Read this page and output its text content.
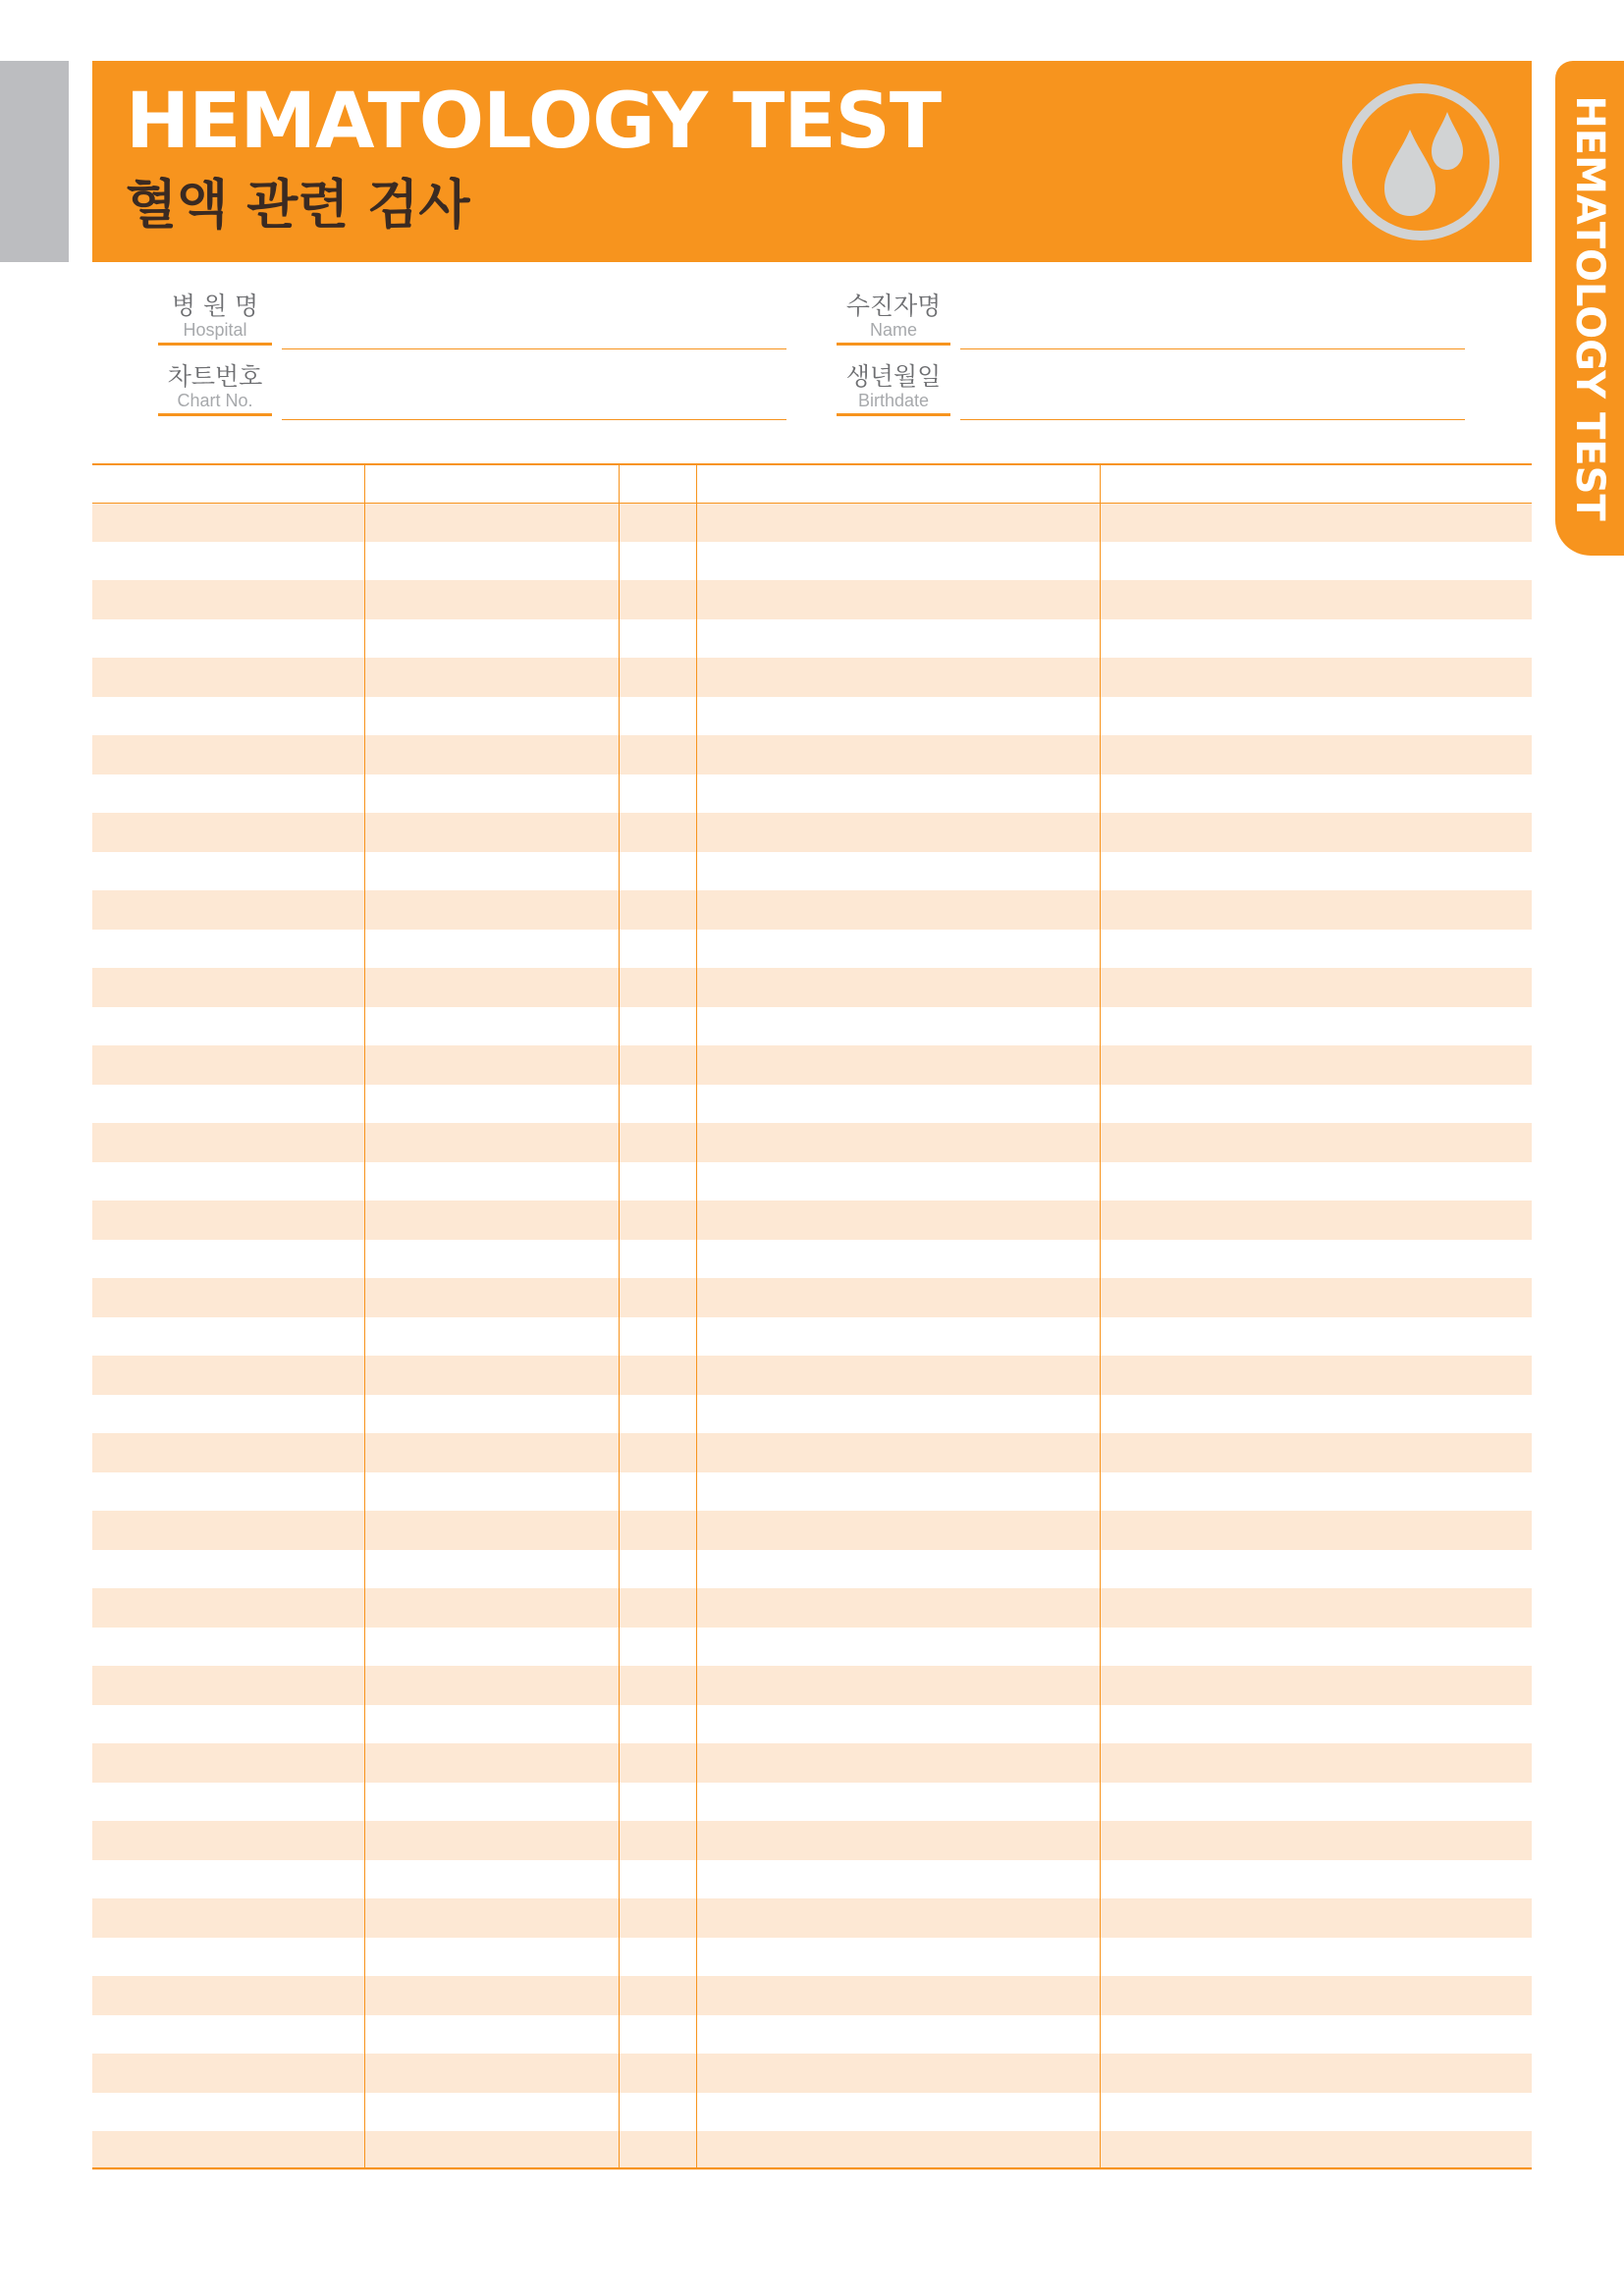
HEMATOLOGY TEST
혈액 관련 검사	HEMATOLOGY TEST
병 원 명
Hospital
수진자명
Name
차트번호
Chart No.
생년월일
Birthdate
